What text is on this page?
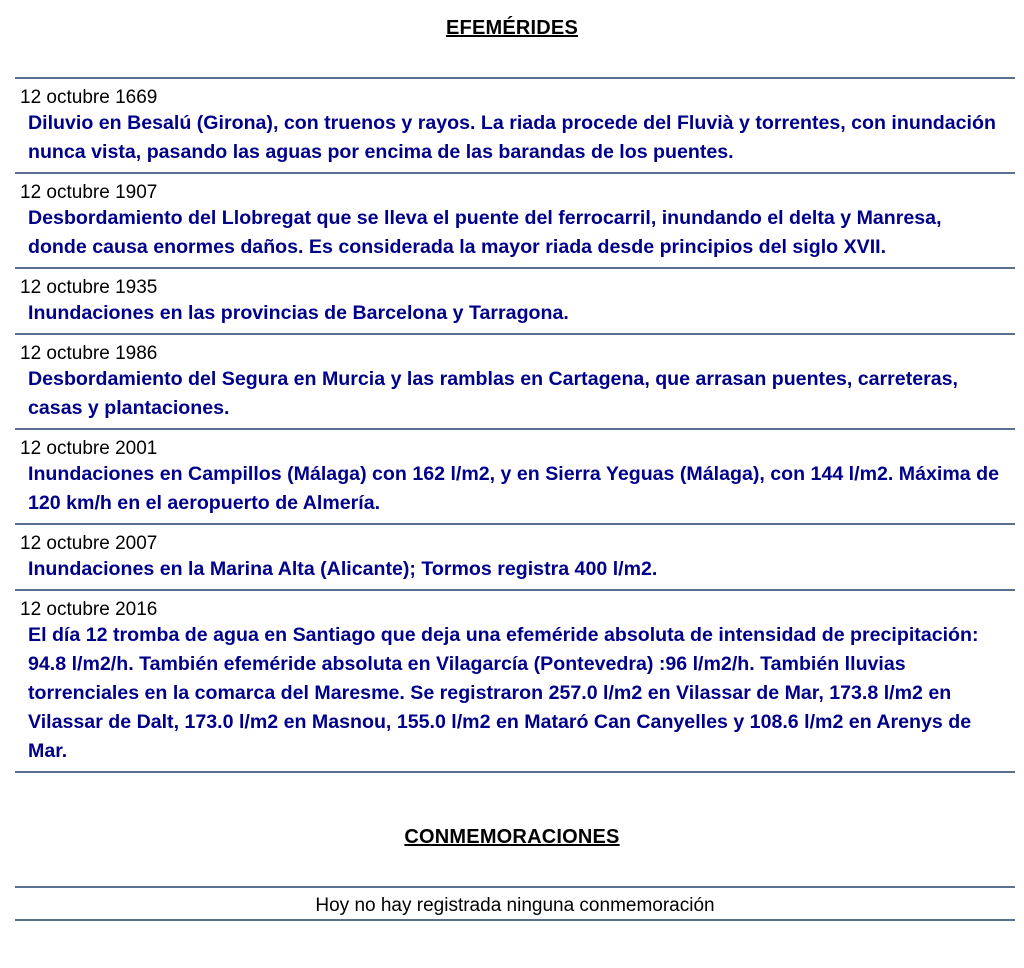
EFEMÉRIDES
12 octubre 1669
Diluvio en Besalú (Girona), con truenos y rayos. La riada procede del Fluvià y torrentes, con inundación nunca vista, pasando las aguas por encima de las barandas de los puentes.
12 octubre 1907
Desbordamiento del Llobregat que se lleva el puente del ferrocarril, inundando el delta y Manresa, donde causa enormes daños. Es considerada la mayor riada desde principios del siglo XVII.
12 octubre 1935
Inundaciones en las provincias de Barcelona y Tarragona.
12 octubre 1986
Desbordamiento del Segura en Murcia y las ramblas en Cartagena, que arrasan puentes, carreteras, casas y plantaciones.
12 octubre 2001
Inundaciones en Campillos (Málaga) con 162 l/m2, y en Sierra Yeguas (Málaga), con 144 l/m2. Máxima de 120 km/h en el aeropuerto de Almería.
12 octubre 2007
Inundaciones en la Marina Alta (Alicante); Tormos registra 400 l/m2.
12 octubre 2016
El día 12 tromba de agua en Santiago que deja una efeméride absoluta de intensidad de precipitación: 94.8 l/m2/h. También efeméride absoluta en Vilagarcía (Pontevedra) :96 l/m2/h. También lluvias torrenciales en la comarca del Maresme. Se registraron 257.0 l/m2 en Vilassar de Mar, 173.8 l/m2 en Vilassar de Dalt, 173.0 l/m2 en Masnou, 155.0 l/m2 en Mataró Can Canyelles y 108.6 l/m2 en Arenys de Mar.
CONMEMORACIONES
Hoy no hay registrada ninguna conmemoración
